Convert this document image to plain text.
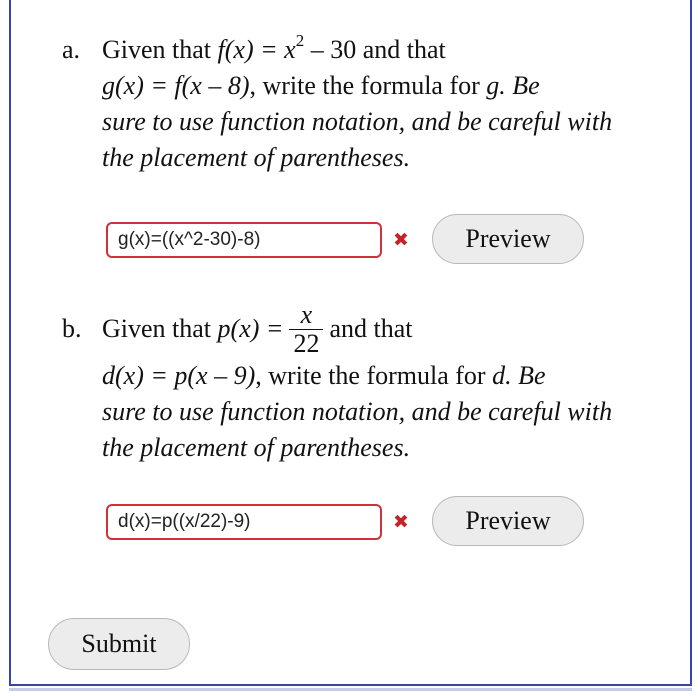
a. Given that $f(x) = x^2 - 30$ and that
g(x) = f(x – 8), write the formula for g. Be
sure to use function notation, and be careful with
the placement of parentheses.
g(x)=((x^2-30)-8)	✖	Preview
b. Given that $p(x) = \frac{x}{22}$ and that
d(x) = p(x – 9), write the formula for d. Be
sure to use function notation, and be careful with
the placement of parentheses.
d(x)=p((x/22)-9)	✖	Preview
Submit
